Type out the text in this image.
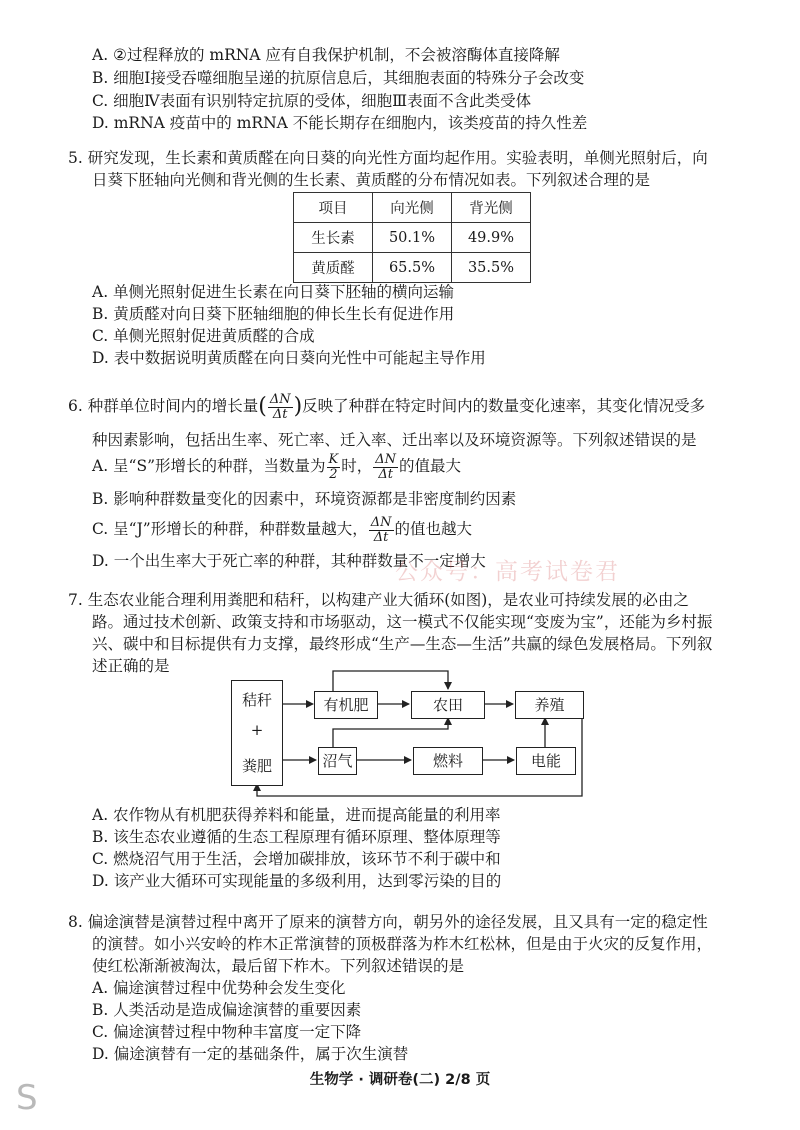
A. ②过程释放的 mRNA 应有自我保护机制，不会被溶酶体直接降解
B. 细胞Ⅰ接受吞噬细胞呈递的抗原信息后，其细胞表面的特殊分子会改变
C. 细胞Ⅳ表面有识别特定抗原的受体，细胞Ⅲ表面不含此类受体
D. mRNA 疫苗中的 mRNA 不能长期存在细胞内，该类疫苗的持久性差
5. 研究发现，生长素和黄质醛在向日葵的向光性方面均起作用。实验表明，单侧光照射后，向
日葵下胚轴向光侧和背光侧的生长素、黄质醛的分布情况如表。下列叙述合理的是
项目	向光侧	背光侧
生长素	50.1%	49.9%
黄质醛	65.5%	35.5%
A. 单侧光照射促进生长素在向日葵下胚轴的横向运输
B. 黄质醛对向日葵下胚轴细胞的伸长生长有促进作用
C. 单侧光照射促进黄质醛的合成
D. 表中数据说明黄质醛在向日葵向光性中可能起主导作用
6. 种群单位时间内的增长量( $\frac{\Delta N}{\Delta t}$ )反映了种群在特定时间内的数量变化速率，其变化情况受多
种因素影响，包括出生率、死亡率、迁入率、迁出率以及环境资源等。下列叙述错误的是
A. 呈“S”形增长的种群，当数量为 $\frac{K}{2}$ 时， $\frac{\Delta N}{\Delta t}$ 的值最大
B. 影响种群数量变化的因素中，环境资源都是非密度制约因素
C. 呈“J”形增长的种群，种群数量越大， $\frac{\Delta N}{\Delta t}$ 的值也越大
D. 一个出生率大于死亡率的种群，其种群数量不一定增大
公众号：高考试卷君
7. 生态农业能合理利用粪肥和秸秆，以构建产业大循环(如图)，是农业可持续发展的必由之
路。通过技术创新、政策支持和市场驱动，这一模式不仅能实现“变废为宝”，还能为乡村振
兴、碳中和目标提供有力支撑，最终形成“生产—生态—生活”共赢的绿色发展格局。下列叙
述正确的是
秸秆
+
粪肥
有机肥	农田	养殖
沼气	燃料	电能
A. 农作物从有机肥获得养料和能量，进而提高能量的利用率
B. 该生态农业遵循的生态工程原理有循环原理、整体原理等
C. 燃烧沼气用于生活，会增加碳排放，该环节不利于碳中和
D. 该产业大循环可实现能量的多级利用，达到零污染的目的
8. 偏途演替是演替过程中离开了原来的演替方向，朝另外的途径发展，且又具有一定的稳定性
的演替。如小兴安岭的柞木正常演替的顶极群落为柞木红松林，但是由于火灾的反复作用，
使红松渐渐被淘汰，最后留下柞木。下列叙述错误的是
A. 偏途演替过程中优势种会发生变化
B. 人类活动是造成偏途演替的重要因素
C. 偏途演替过程中物种丰富度一定下降
D. 偏途演替有一定的基础条件，属于次生演替
生物学 · 调研卷(二) 2/8 页
S
